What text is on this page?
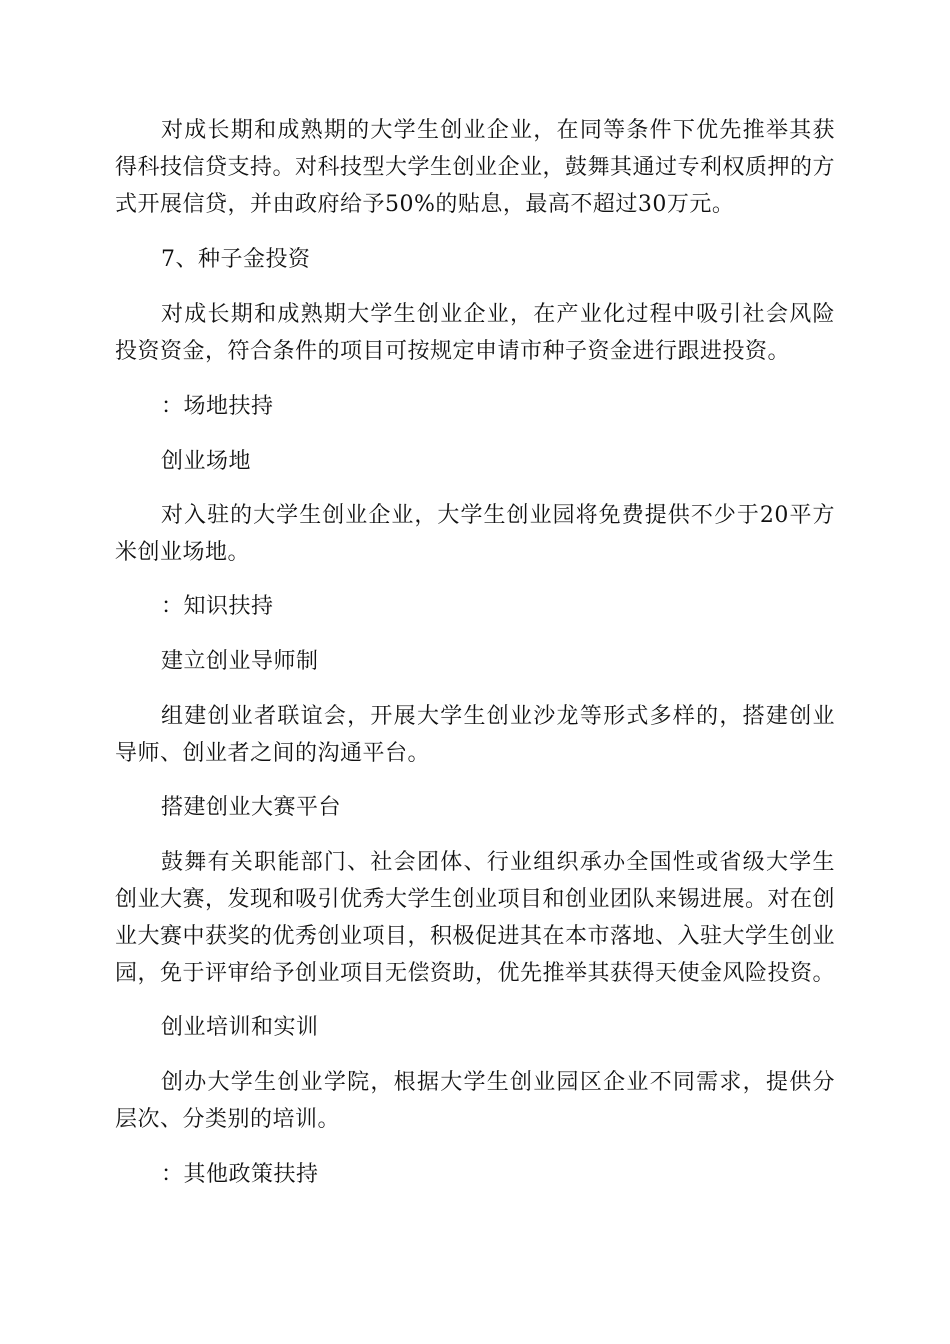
对成长期和成熟期的大学生创业企业，在同等条件下优先推举其获得科技信贷支持。对科技型大学生创业企业，鼓舞其通过专利权质押的方式开展信贷，并由政府给予50%的贴息，最高不超过30万元。

7、种子金投资

对成长期和成熟期大学生创业企业，在产业化过程中吸引社会风险投资资金，符合条件的项目可按规定申请市种子资金进行跟进投资。

：场地扶持

创业场地

对入驻的大学生创业企业，大学生创业园将免费提供不少于20平方米创业场地。

：知识扶持

建立创业导师制

组建创业者联谊会，开展大学生创业沙龙等形式多样的，搭建创业导师、创业者之间的沟通平台。

搭建创业大赛平台

鼓舞有关职能部门、社会团体、行业组织承办全国性或省级大学生创业大赛，发现和吸引优秀大学生创业项目和创业团队来锡进展。对在创业大赛中获奖的优秀创业项目，积极促进其在本市落地、入驻大学生创业园，免于评审给予创业项目无偿资助，优先推举其获得天使金风险投资。

创业培训和实训

创办大学生创业学院，根据大学生创业园区企业不同需求，提供分层次、分类别的培训。

：其他政策扶持
